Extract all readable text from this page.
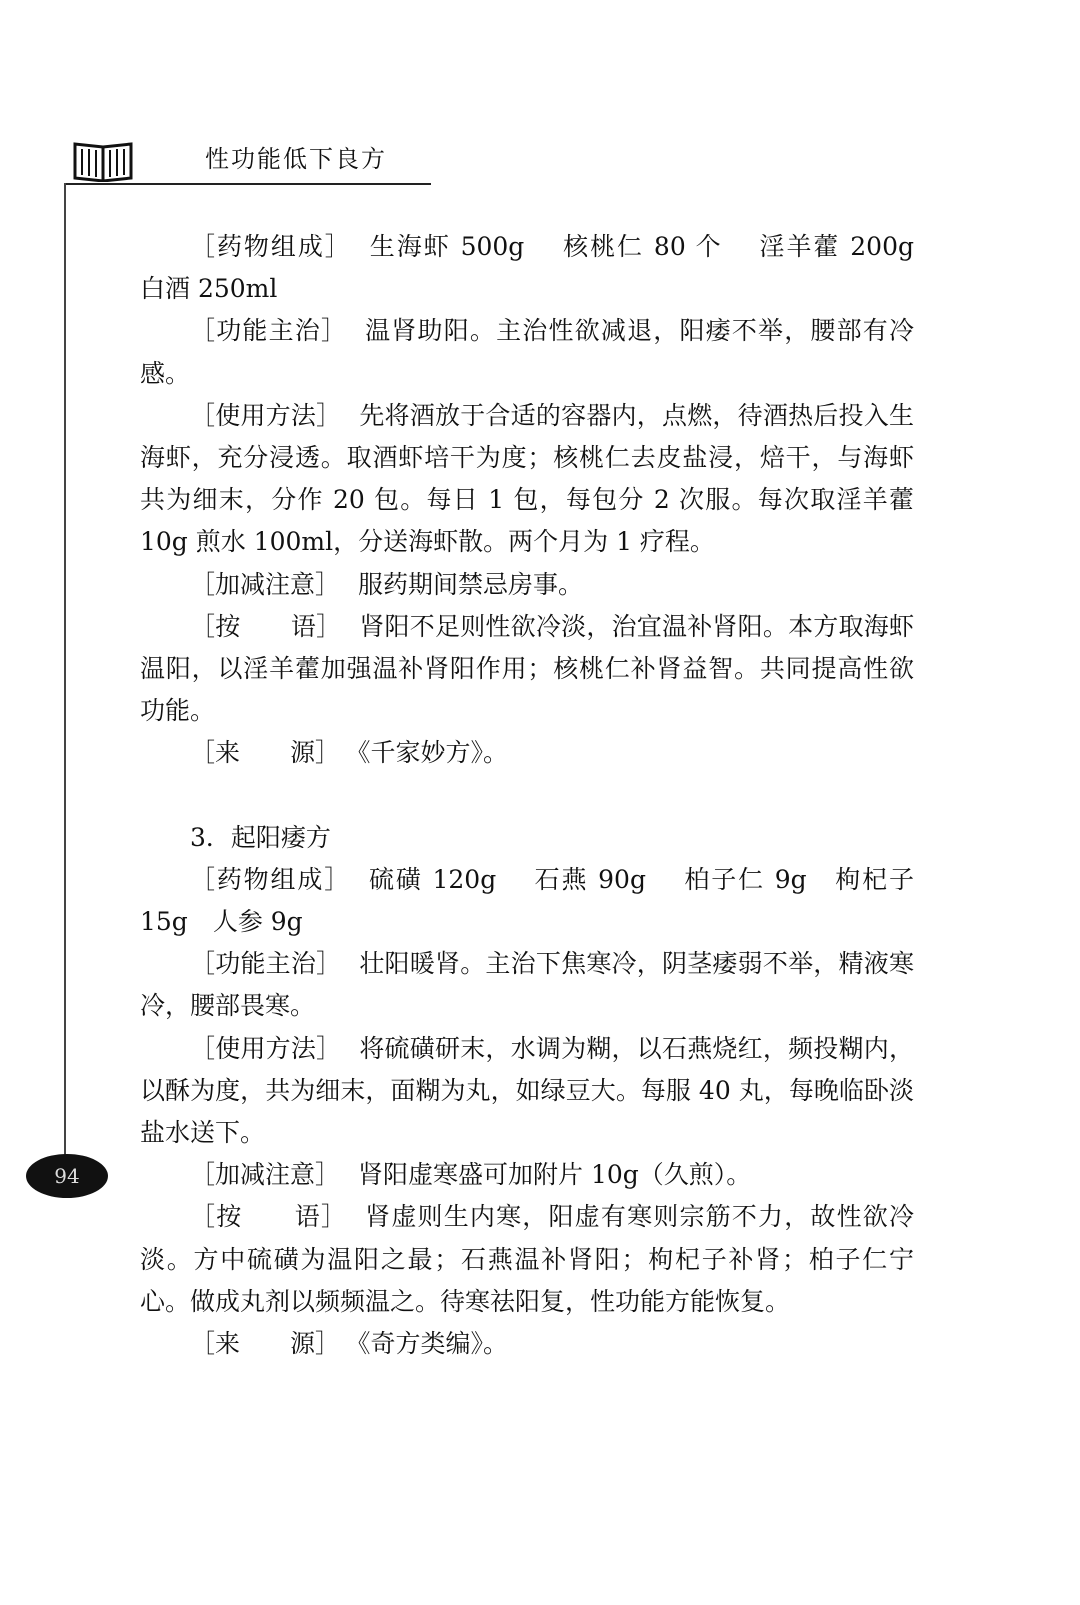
性功能低下良方
94

［药物组成］ 生海虾 500g　 核桃仁 80 个　 淫羊藿 200g　白酒 250ml

［功能主治］ 温肾助阳。主治性欲减退，阳痿不举，腰部有冷感。

［使用方法］ 先将酒放于合适的容器内，点燃，待酒热后投入生海虾，充分浸透。取酒虾培干为度；核桃仁去皮盐浸，焙干，与海虾共为细末，分作 20 包。每日 1 包，每包分 2 次服。每次取淫羊藿 10g 煎水 100ml，分送海虾散。两个月为 1 疗程。

［加减注意］ 服药期间禁忌房事。

［按　　语］ 肾阳不足则性欲冷淡，治宜温补肾阳。本方取海虾温阳，以淫羊藿加强温补肾阳作用；核桃仁补肾益智。共同提高性欲功能。

［来　　源］ 《千家妙方》。

3．起阳痿方

［药物组成］ 硫磺 120g　 石燕 90g　 柏子仁 9g　枸杞子 15g　人参 9g

［功能主治］ 壮阳暖肾。主治下焦寒冷，阴茎痿弱不举，精液寒冷，腰部畏寒。

［使用方法］ 将硫磺研末，水调为糊，以石燕烧红，频投糊内，以酥为度，共为细末，面糊为丸，如绿豆大。每服 40 丸，每晚临卧淡盐水送下。

［加减注意］ 肾阳虚寒盛可加附片 10g（久煎）。

［按　　语］ 肾虚则生内寒，阳虚有寒则宗筋不力，故性欲冷淡。方中硫磺为温阳之最；石燕温补肾阳；枸杞子补肾；柏子仁宁心。做成丸剂以频频温之。待寒祛阳复，性功能方能恢复。

［来　　源］ 《奇方类编》。
